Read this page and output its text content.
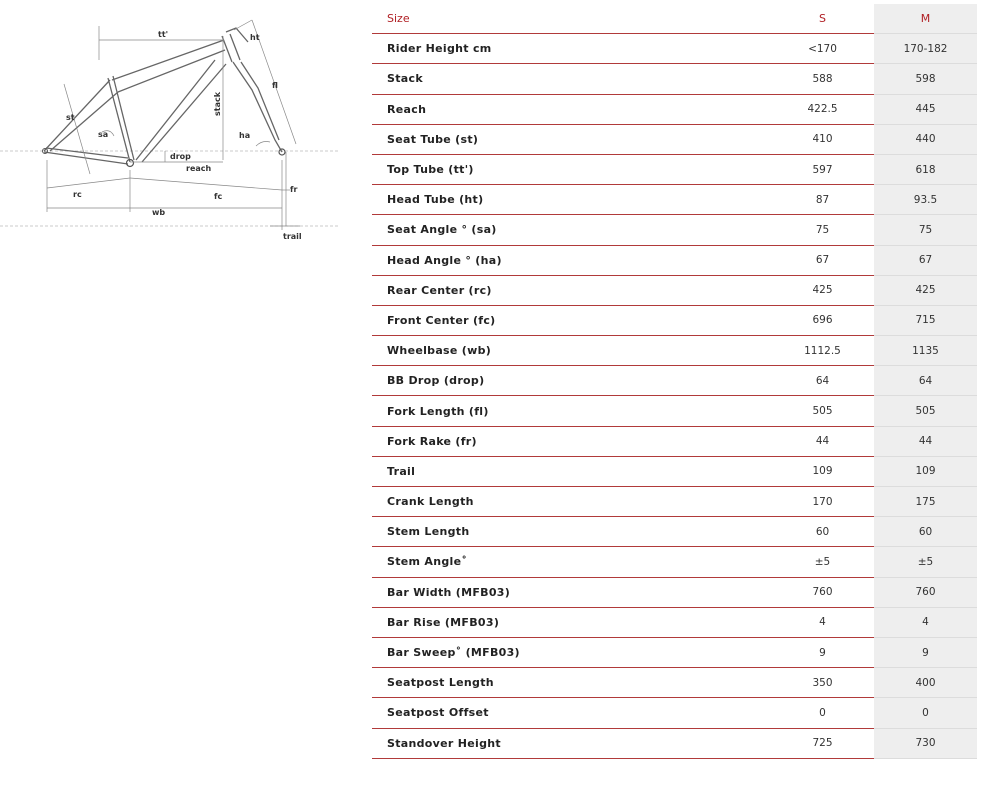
tt'	ht
st
stack
fl
sa	ha
drop
reach
rc	fc
fr
wb
trail
Size	S	M
Rider Height cm	<170	170-182
Stack	588	598
Reach	422.5	445
Seat Tube (st)	410	440
Top Tube (tt')	597	618
Head Tube (ht)	87	93.5
Seat Angle ° (sa)	75	75
Head Angle ° (ha)	67	67
Rear Center (rc)	425	425
Front Center (fc)	696	715
Wheelbase (wb)	1112.5	1135
BB Drop (drop)	64	64
Fork Length (fl)	505	505
Fork Rake (fr)	44	44
Trail	109	109
Crank Length	170	175
Stem Length	60	60
Stem Angle˚	±5	±5
Bar Width (MFB03)	760	760
Bar Rise (MFB03)	4	4
Bar Sweep˚ (MFB03)	9	9
Seatpost Length	350	400
Seatpost Offset	0	0
Standover Height	725	730
